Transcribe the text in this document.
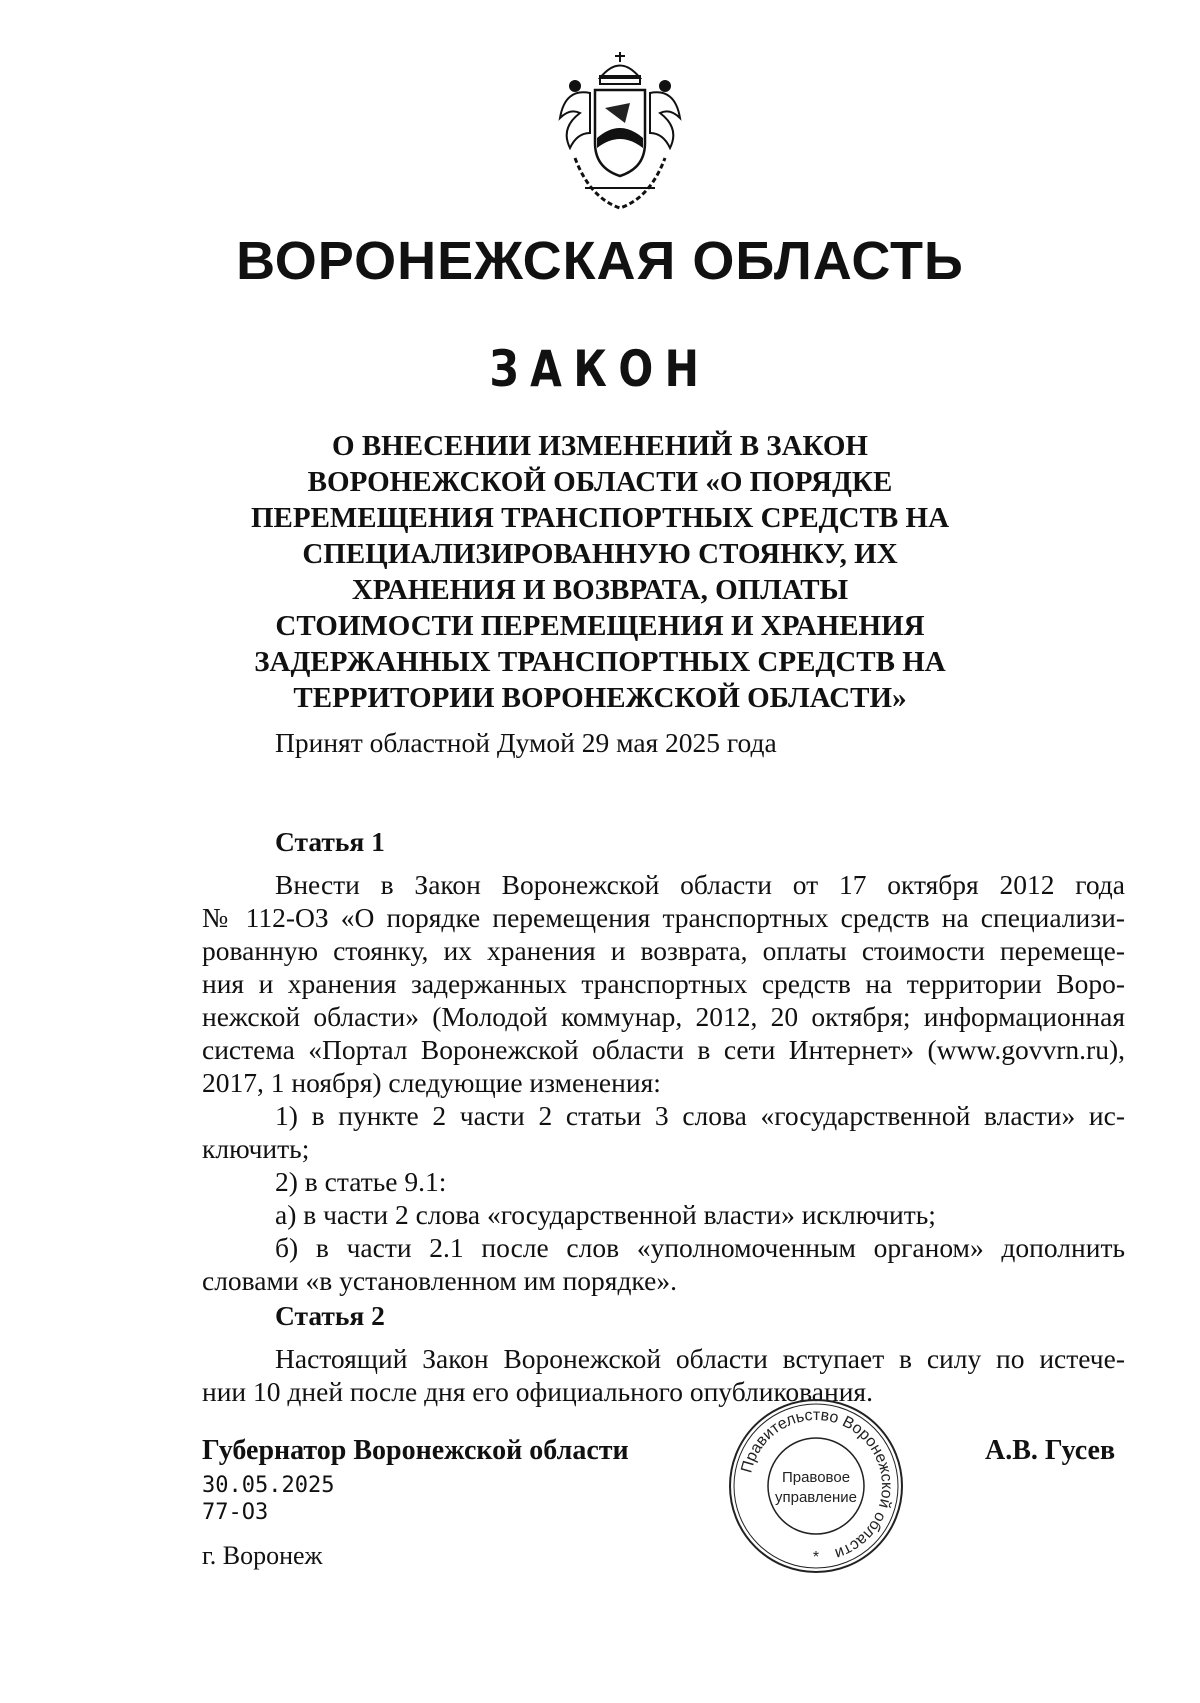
ВОРОНЕЖСКАЯ ОБЛАСТЬ
ЗАКОН
О ВНЕСЕНИИ ИЗМЕНЕНИЙ В ЗАКОН
ВОРОНЕЖСКОЙ ОБЛАСТИ «О ПОРЯДКЕ
ПЕРЕМЕЩЕНИЯ ТРАНСПОРТНЫХ СРЕДСТВ НА
СПЕЦИАЛИЗИРОВАННУЮ СТОЯНКУ, ИХ
ХРАНЕНИЯ И ВОЗВРАТА, ОПЛАТЫ
СТОИМОСТИ ПЕРЕМЕЩЕНИЯ И ХРАНЕНИЯ
ЗАДЕРЖАННЫХ ТРАНСПОРТНЫХ СРЕДСТВ НА
ТЕРРИТОРИИ ВОРОНЕЖСКОЙ ОБЛАСТИ»
Принят областной Думой 29 мая 2025 года
Статья 1
Внести в Закон Воронежской области от 17 октября 2012 года
№ 112-ОЗ «О порядке перемещения транспортных средств на специализи-
рованную стоянку, их хранения и возврата, оплаты стоимости перемеще-
ния и хранения задержанных транспортных средств на территории Воро-
нежской области» (Молодой коммунар, 2012, 20 октября; информационная
система «Портал Воронежской области в сети Интернет» (www.govvrn.ru),
2017, 1 ноября) следующие изменения:
1) в пункте 2 части 2 статьи 3 слова «государственной власти» ис-
ключить;
2) в статье 9.1:
а) в части 2 слова «государственной власти» исключить;
б) в части 2.1 после слов «уполномоченным органом» дополнить
словами «в установленном им порядке».
Статья 2
Настоящий Закон Воронежской области вступает в силу по истече-
нии 10 дней после дня его официального опубликования.
Губернатор Воронежской области	А.В. Гусев
30.05.2025
77-ОЗ
г. Воронеж
Правительство Воронежской области
Правовое
управление
*
